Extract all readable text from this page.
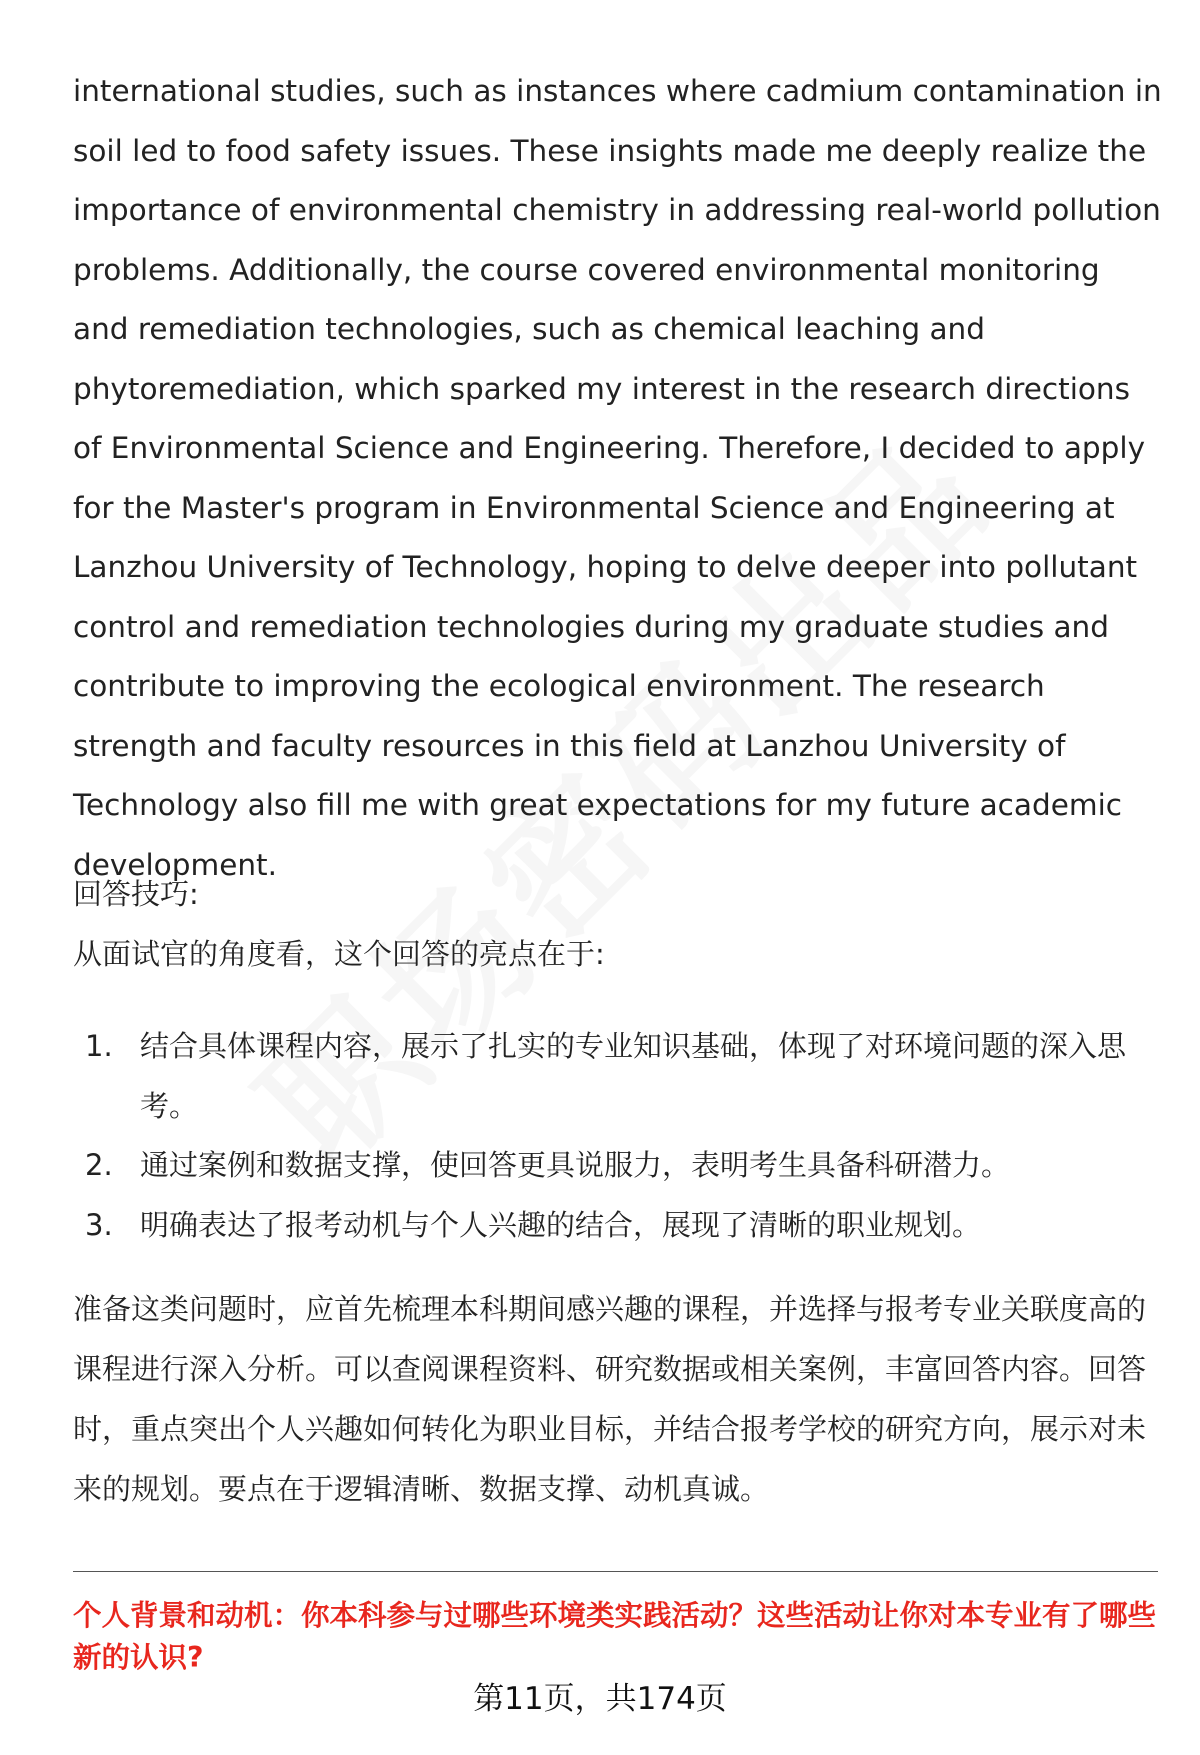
international studies, such as instances where cadmium contamination in soil led to food safety issues. These insights made me deeply realize the importance of environmental chemistry in addressing real-world pollution problems. Additionally, the course covered environmental monitoring and remediation technologies, such as chemical leaching and phytoremediation, which sparked my interest in the research directions of Environmental Science and Engineering. Therefore, I decided to apply for the Master's program in Environmental Science and Engineering at Lanzhou University of Technology, hoping to delve deeper into pollutant control and remediation technologies during my graduate studies and contribute to improving the ecological environment. The research strength and faculty resources in this field at Lanzhou University of Technology also fill me with great expectations for my future academic development.

回答技巧:

从面试官的角度看，这个回答的亮点在于:

1. 结合具体课程内容，展示了扎实的专业知识基础，体现了对环境问题的深入思考。
2. 通过案例和数据支撑，使回答更具说服力，表明考生具备科研潜力。
3. 明确表达了报考动机与个人兴趣的结合，展现了清晰的职业规划。

准备这类问题时，应首先梳理本科期间感兴趣的课程，并选择与报考专业关联度高的课程进行深入分析。可以查阅课程资料、研究数据或相关案例，丰富回答内容。回答时，重点突出个人兴趣如何转化为职业目标，并结合报考学校的研究方向，展示对未来的规划。要点在于逻辑清晰、数据支撑、动机真诚。

个人背景和动机：你本科参与过哪些环境类实践活动？这些活动让你对本专业有了哪些新的认识?

第11页，共174页
